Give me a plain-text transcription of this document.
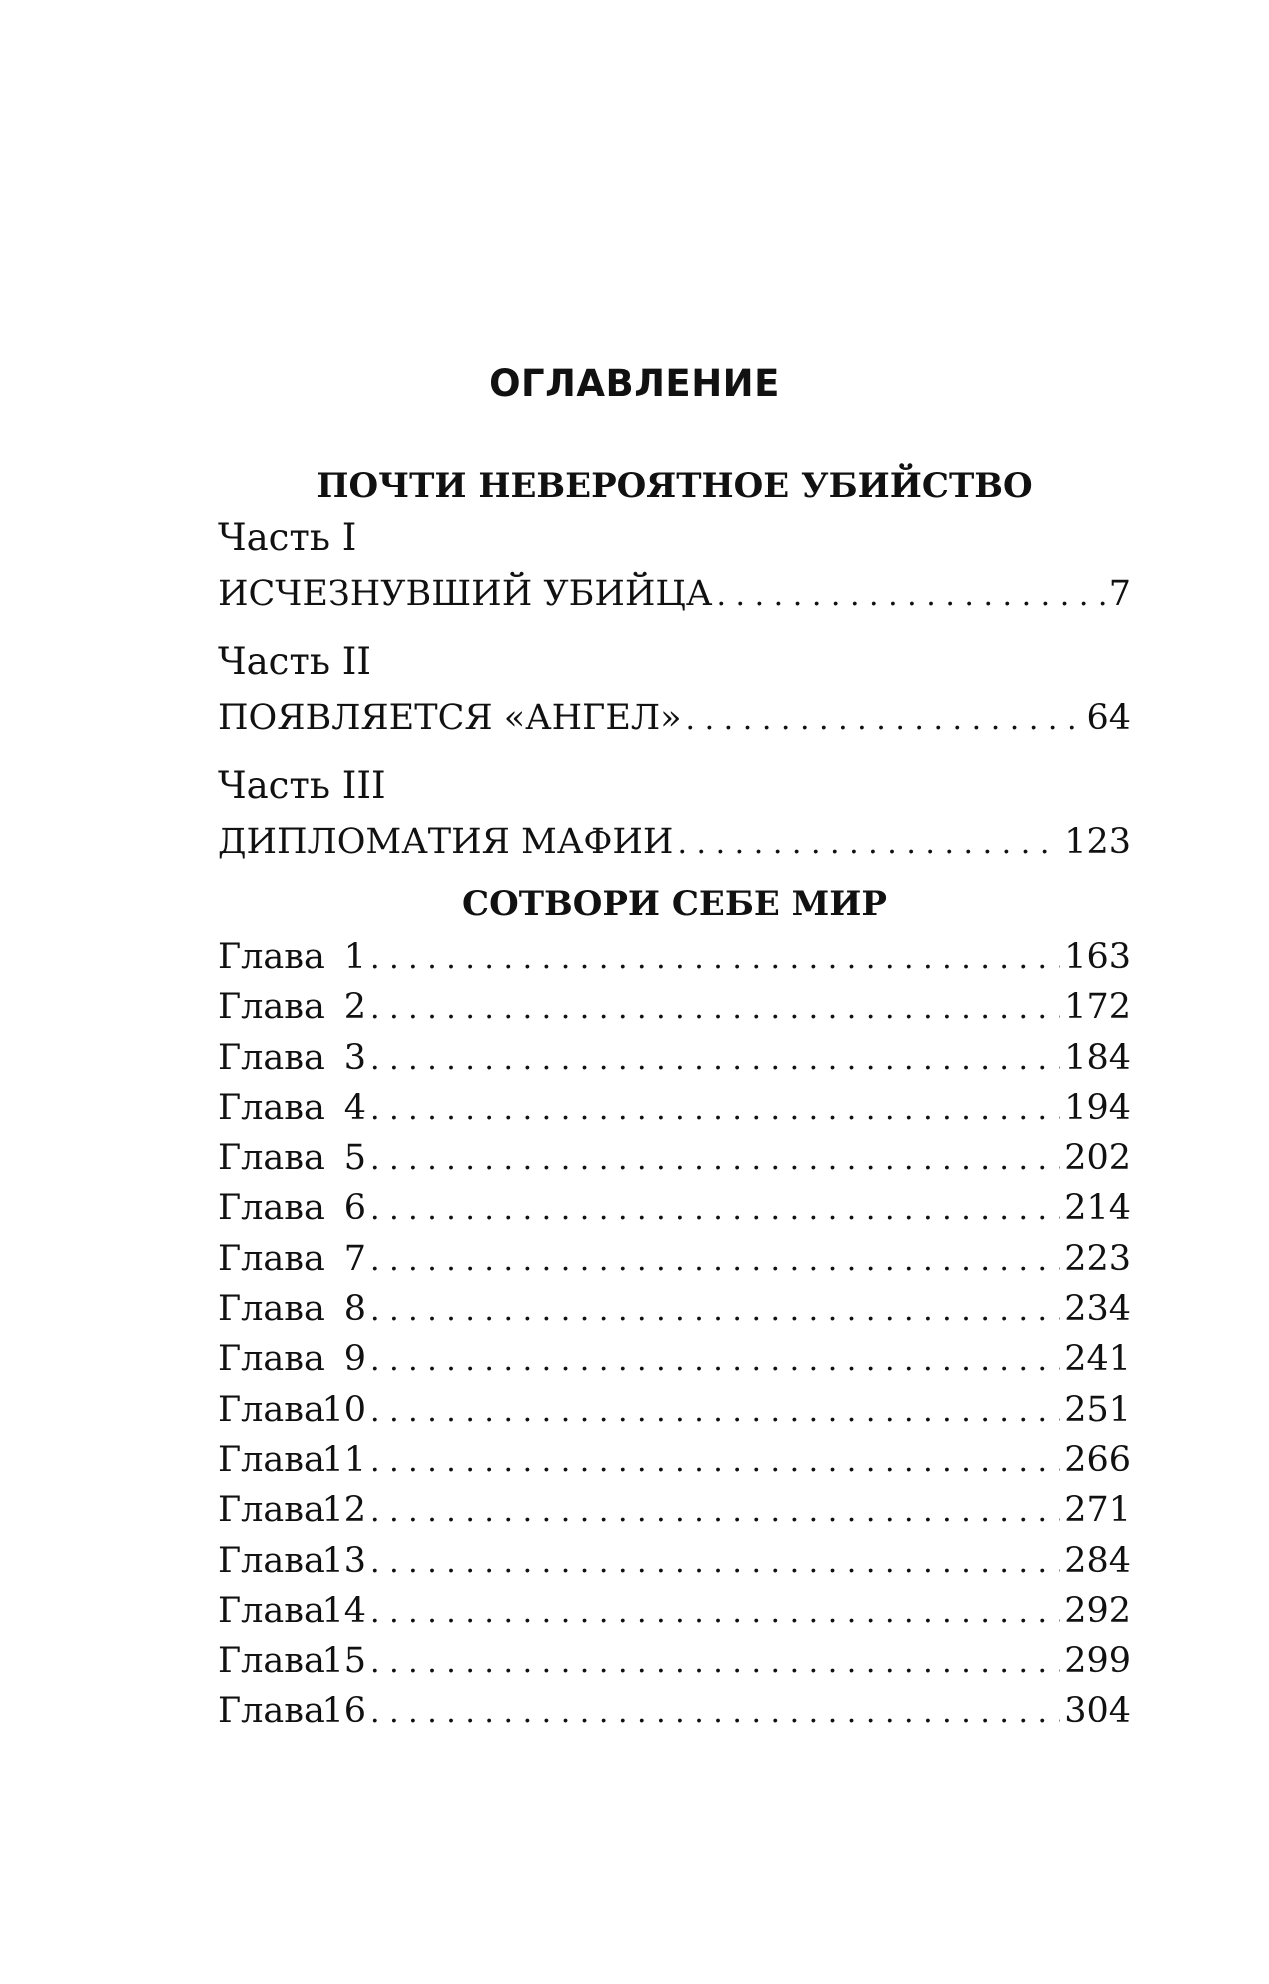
ОГЛАВЛЕНИЕ
ПОЧТИ НЕВЕРОЯТНОЕ УБИЙСТВО
Часть I
ИСЧЕЗНУВШИЙ УБИЙЦА . . .	7
Часть II
ПОЯВЛЯЕТСЯ «АНГЕЛ» . . .	64
Часть III
ДИПЛОМАТИЯ МАФИИ . . .	123
СОТВОРИ СЕБЕ МИР
Глава 1 . . .	163
Глава 2 . . .	172
Глава 3 . . .	184
Глава 4 . . .	194
Глава 5 . . .	202
Глава 6 . . .	214
Глава 7 . . .	223
Глава 8 . . .	234
Глава 9 . . .	241
Глава10 . . .	251
Глава11 . . .	266
Глава12 . . .	271
Глава13 . . .	284
Глава14 . . .	292
Глава15 . . .	299
Глава16 . . .	304
